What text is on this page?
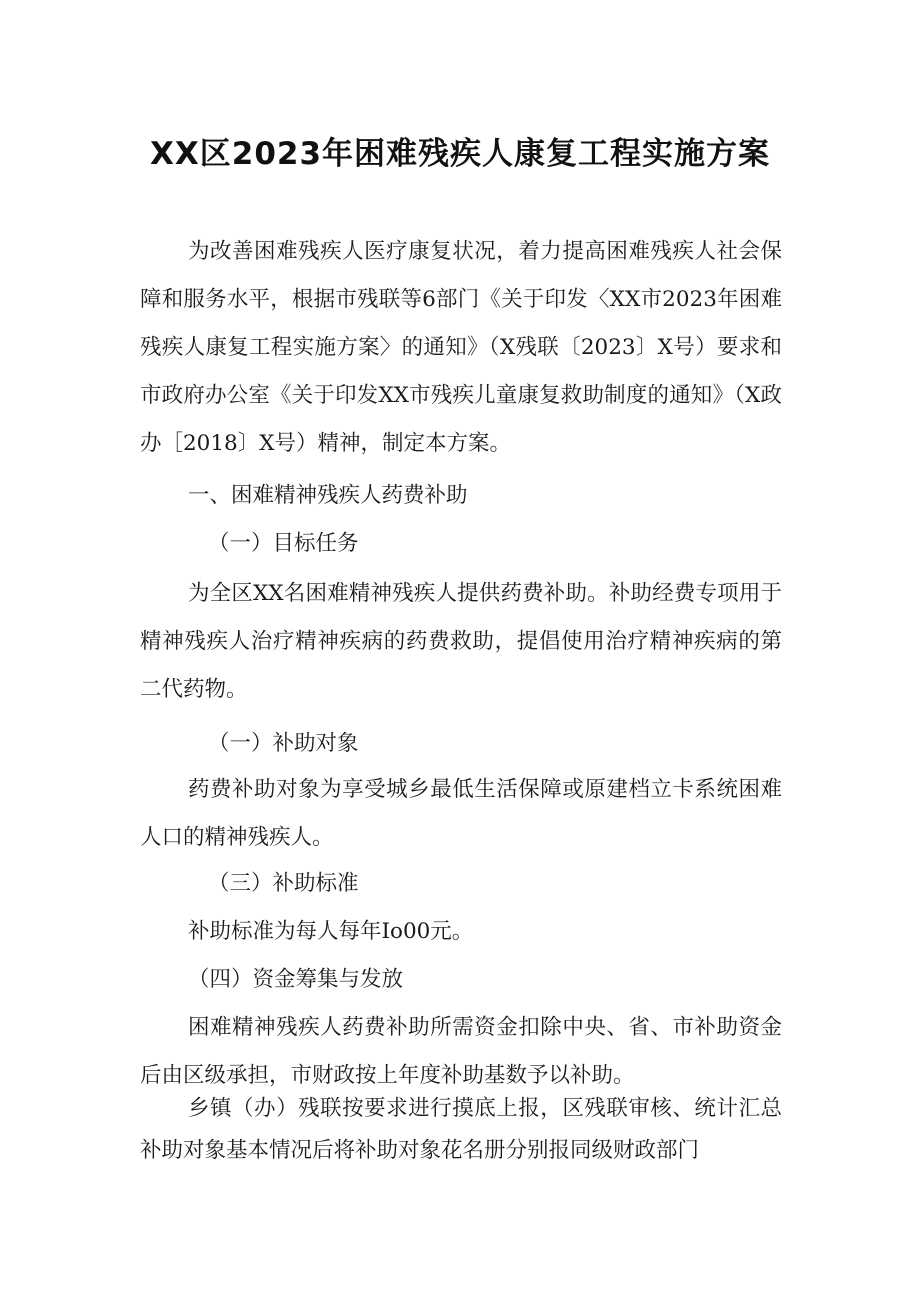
XX区2023年困难残疾人康复工程实施方案

为改善困难残疾人医疗康复状况，着力提高困难残疾人社会保障和服务水平，根据市残联等6部门《关于印发〈XX市2023年困难残疾人康复工程实施方案〉的通知》（X残联〔2023〕X号）要求和市政府办公室《关于印发XX市残疾儿童康复救助制度的通知》（X政办［2018〕X号）精神，制定本方案。

一、困难精神残疾人药费补助

（一）目标任务

为全区XX名困难精神残疾人提供药费补助。补助经费专项用于精神残疾人治疗精神疾病的药费救助，提倡使用治疗精神疾病的第二代药物。

（一）补助对象

药费补助对象为享受城乡最低生活保障或原建档立卡系统困难人口的精神残疾人。

（三）补助标准

补助标准为每人每年Io00元。

（四）资金筹集与发放

困难精神残疾人药费补助所需资金扣除中央、省、市补助资金后由区级承担，市财政按上年度补助基数予以补助。

乡镇（办）残联按要求进行摸底上报，区残联审核、统计汇总补助对象基本情况后将补助对象花名册分别报同级财政部门
